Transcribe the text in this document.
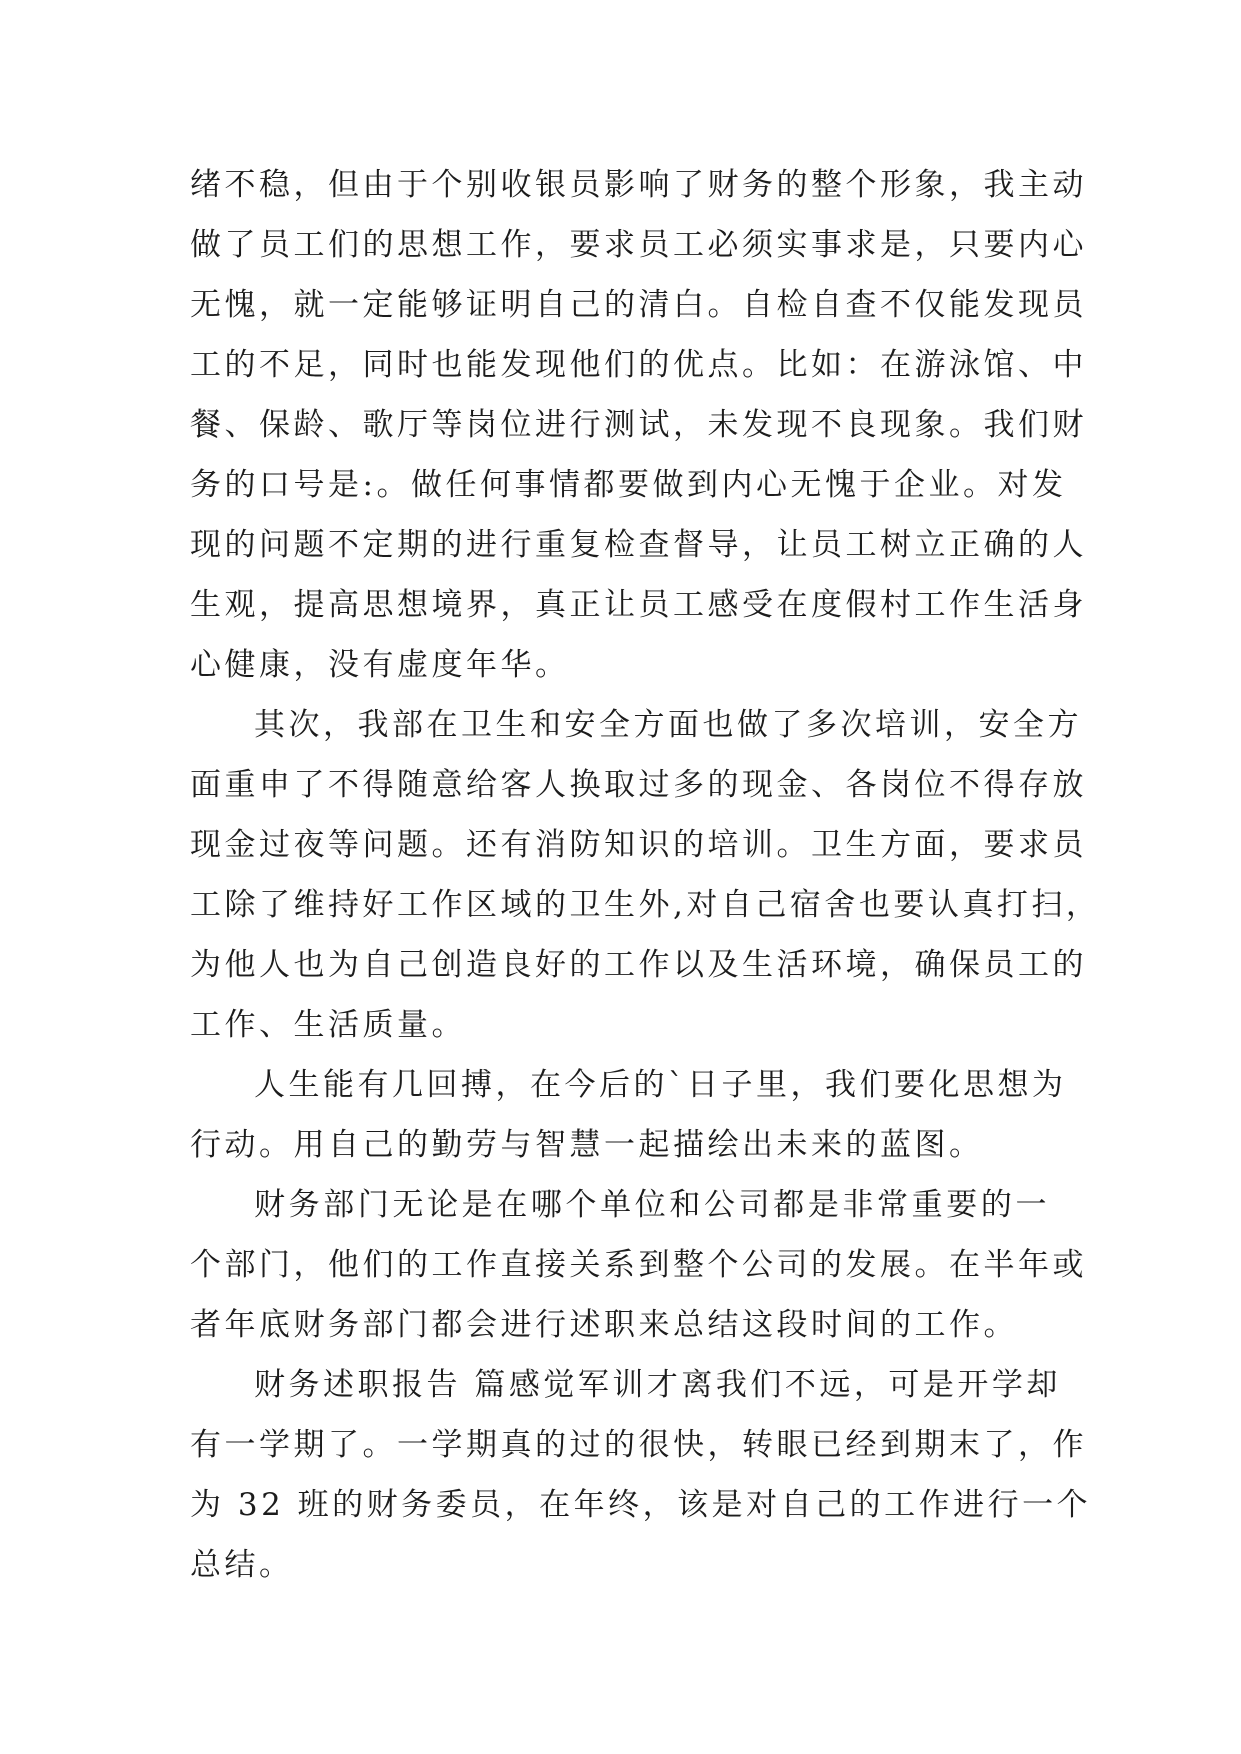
绪不稳，但由于个别收银员影响了财务的整个形象，我主动
做了员工们的思想工作，要求员工必须实事求是，只要内心
无愧，就一定能够证明自己的清白。自检自查不仅能发现员
工的不足，同时也能发现他们的优点。比如：在游泳馆、中
餐、保龄、歌厅等岗位进行测试，未发现不良现象。我们财
务的口号是:。做任何事情都要做到内心无愧于企业。对发
现的问题不定期的进行重复检查督导，让员工树立正确的人
生观，提高思想境界，真正让员工感受在度假村工作生活身
心健康，没有虚度年华。
其次，我部在卫生和安全方面也做了多次培训，安全方
面重申了不得随意给客人换取过多的现金、各岗位不得存放
现金过夜等问题。还有消防知识的培训。卫生方面，要求员
工除了维持好工作区域的卫生外,对自己宿舍也要认真打扫，
为他人也为自己创造良好的工作以及生活环境，确保员工的
工作、生活质量。
人生能有几回搏，在今后的`日子里，我们要化思想为
行动。用自己的勤劳与智慧一起描绘出未来的蓝图。
财务部门无论是在哪个单位和公司都是非常重要的一
个部门，他们的工作直接关系到整个公司的发展。在半年或
者年底财务部门都会进行述职来总结这段时间的工作。
财务述职报告 篇感觉军训才离我们不远，可是开学却
有一学期了。一学期真的过的很快，转眼已经到期末了，作
为 32 班的财务委员，在年终，该是对自己的工作进行一个
总结。
